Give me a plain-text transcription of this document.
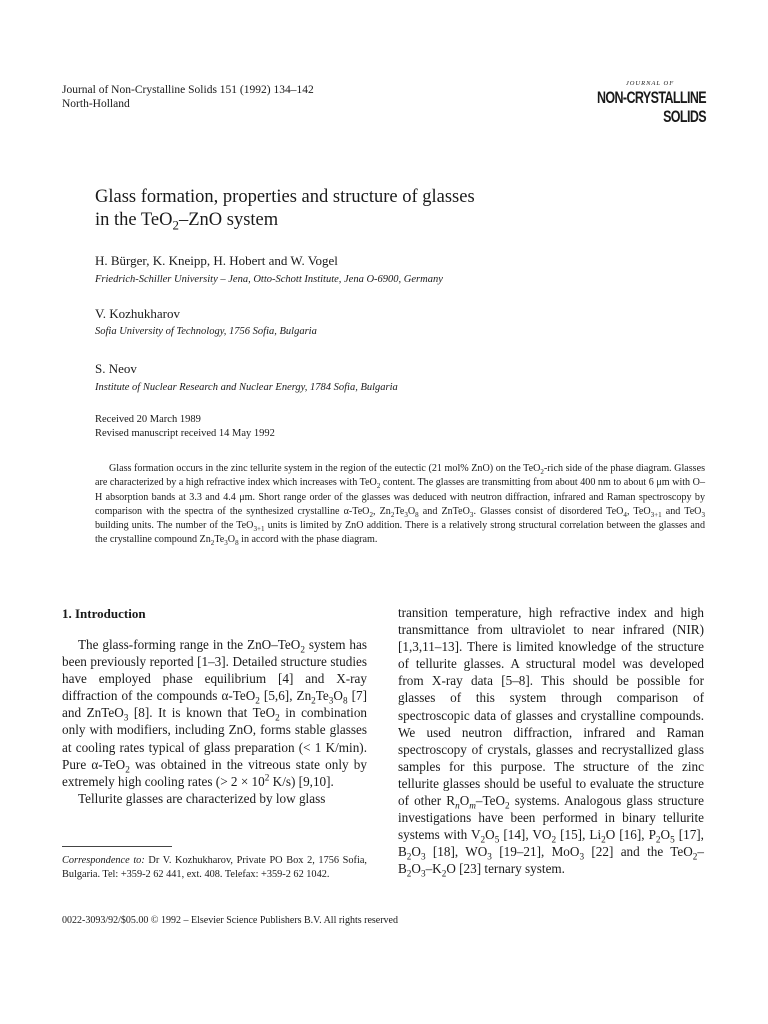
Journal of Non-Crystalline Solids 151 (1992) 134–142
North-Holland
JOURNAL OF
NON-CRYSTALLINE SOLIDS
Glass formation, properties and structure of glasses
in the TeO$_2$–ZnO system
H. Bürger, K. Kneipp, H. Hobert and W. Vogel
Friedrich-Schiller University – Jena, Otto-Schott Institute, Jena O-6900, Germany
V. Kozhukharov
Sofia University of Technology, 1756 Sofia, Bulgaria
S. Neov
Institute of Nuclear Research and Nuclear Energy, 1784 Sofia, Bulgaria
Received 20 March 1989
Revised manuscript received 14 May 1992
Glass formation occurs in the zinc tellurite system in the region of the eutectic (21 mol% ZnO) on the TeO$_2$-rich side of the phase diagram. Glasses are characterized by a high refractive index which increases with TeO$_2$ content. The glasses are transmitting from about 400 nm to about 6 μm with O–H absorption bands at 3.3 and 4.4 μm. Short range order of the glasses was deduced with neutron diffraction, infrared and Raman spectroscopy by comparison with the spectra of the synthesized crystalline α-TeO$_2$, $Zn_2Te_3O_8$ and ZnTeO$_3$. Glasses consist of disordered TeO$_4$, TeO$_{3+1}$ and TeO$_3$ building units. The number of the TeO$_{3+1}$ units is limited by ZnO addition. There is a relatively strong structural correlation between the glasses and the crystalline compound $Zn_2Te_3O_8$ in accord with the phase diagram.
1. Introduction

The glass-forming range in the ZnO–TeO$_2$ system has been previously reported [1–3]. Detailed structure studies have employed phase equilibrium [4] and X-ray diffraction of the compounds α-TeO$_2$ [5,6], $Zn_2Te_3O_8$ [7] and ZnTeO$_3$ [8]. It is known that TeO$_2$ in combination only with modifiers, including ZnO, forms stable glasses at cooling rates typical of glass preparation (< 1 K/min). Pure α-TeO$_2$ was obtained in the vitreous state only by extremely high cooling rates (> $2 \times 10^2$ K/s) [9,10].

Tellurite glasses are characterized by low glass

Correspondence to: Dr V. Kozhukharov, Private PO Box 2, 1756 Sofia, Bulgaria. Tel: +359-2 62 441, ext. 408. Telefax: +359-2 62 1042.

transition temperature, high refractive index and high transmittance from ultraviolet to near infrared (NIR) [1,3,11–13]. There is limited knowledge of the structure of tellurite glasses. A structural model was developed from X-ray data [5–8]. This should be possible for glasses of this system through comparison of spectroscopic data of glasses and crystalline compounds. We used neutron diffraction, infrared and Raman spectroscopy of crystals, glasses and recrystallized glass samples for this purpose. The structure of the zinc tellurite glasses should be useful to evaluate the structure of other $R_nO_m-TeO_2$ systems. Analogous glass structure investigations have been performed in binary tellurite systems with $V_2O_5$ [14], $VO_2$ [15], $Li_2O$ [16], $P_2O_5$ [17], $B_2O_3$ [18], $WO_3$ [19–21], MoO$_3$ [22] and the $TeO_2-B_2O_3-K_2O$ [23] ternary system.

0022-3093/92/$05.00 © 1992 – Elsevier Science Publishers B.V. All rights reserved
